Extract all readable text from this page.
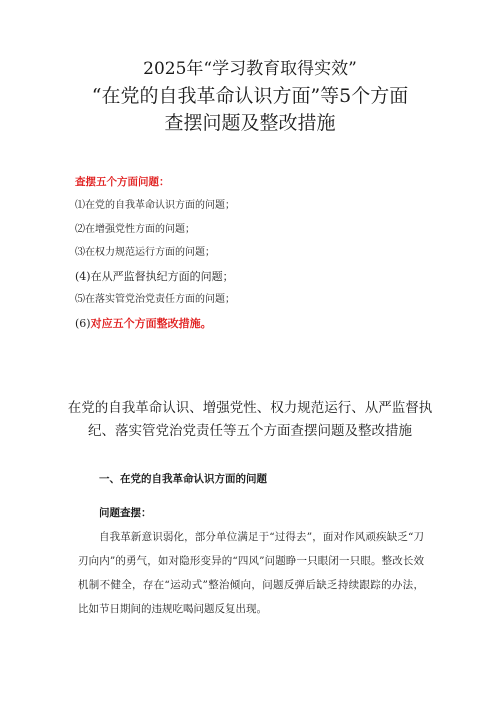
2025年“学习教育取得实效”
“在党的自我革命认识方面”等5个方面
查摆问题及整改措施
查摆五个方面问题：
⑴在党的自我革命认识方面的问题；
⑵在增强党性方面的问题；
⑶在权力规范运行方面的问题；
(4)在从严监督执纪方面的问题；
⑸在落实管党治党责任方面的问题；
(6)对应五个方面整改措施。
在党的自我革命认识、增强党性、权力规范运行、从严监督执纪、落实管党治党责任等五个方面查摆问题及整改措施
一、在党的自我革命认识方面的问题
问题查摆：
自我革新意识弱化，部分单位满足于“过得去”，面对作风顽疾缺乏“刀刃向内”的勇气，如对隐形变异的“四风”问题睁一只眼闭一只眼。整改长效机制不健全，存在“运动式”整治倾向，问题反弹后缺乏持续跟踪的办法，比如节日期间的违规吃喝问题反复出现。
